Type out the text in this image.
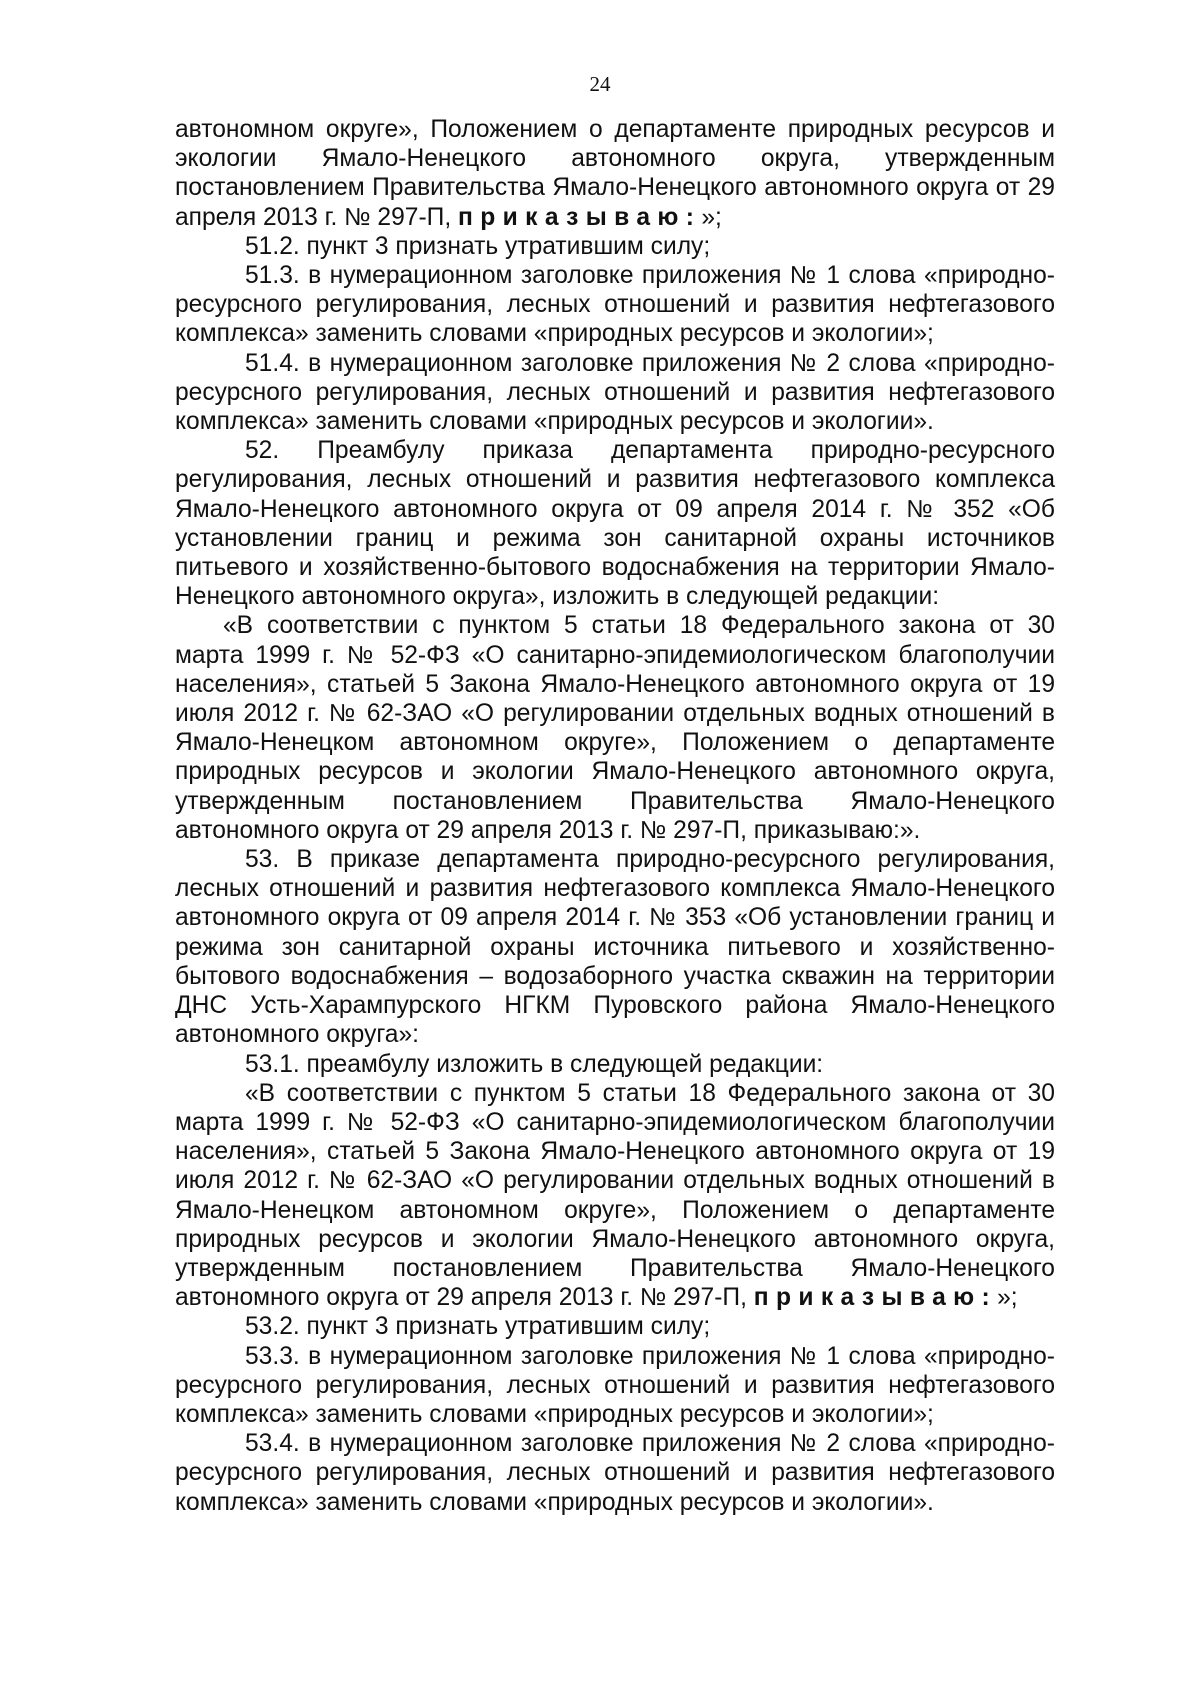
24

автономном округе», Положением о департаменте природных ресурсов и экологии Ямало-Ненецкого автономного округа, утвержденным постановлением Правительства Ямало-Ненецкого автономного округа от 29 апреля 2013 г. № 297-П, приказываю:»;

51.2. пункт 3 признать утратившим силу;

51.3. в нумерационном заголовке приложения № 1 слова «природно-ресурсного регулирования, лесных отношений и развития нефтегазового комплекса» заменить словами «природных ресурсов и экологии»;

51.4. в нумерационном заголовке приложения № 2 слова «природно-ресурсного регулирования, лесных отношений и развития нефтегазового комплекса» заменить словами «природных ресурсов и экологии».

52. Преамбулу приказа департамента природно-ресурсного регулирования, лесных отношений и развития нефтегазового комплекса Ямало-Ненецкого автономного округа от 09 апреля 2014 г. № 352 «Об установлении границ и режима зон санитарной охраны источников питьевого и хозяйственно-бытового водоснабжения на территории Ямало-Ненецкого автономного округа», изложить в следующей редакции:

«В соответствии с пунктом 5 статьи 18 Федерального закона от 30 марта 1999 г. № 52-ФЗ «О санитарно-эпидемиологическом благополучии населения», статьей 5 Закона Ямало-Ненецкого автономного округа от 19 июля 2012 г. № 62-ЗАО «О регулировании отдельных водных отношений в Ямало-Ненецком автономном округе», Положением о департаменте природных ресурсов и экологии Ямало-Ненецкого автономного округа, утвержденным постановлением Правительства Ямало-Ненецкого автономного округа от 29 апреля 2013 г. № 297-П, приказываю:».

53. В приказе департамента природно-ресурсного регулирования, лесных отношений и развития нефтегазового комплекса Ямало-Ненецкого автономного округа от 09 апреля 2014 г. № 353 «Об установлении границ и режима зон санитарной охраны источника питьевого и хозяйственно-бытового водоснабжения – водозаборного участка скважин на территории ДНС Усть-Харампурского НГКМ Пуровского района Ямало-Ненецкого автономного округа»:

53.1. преамбулу изложить в следующей редакции:

«В соответствии с пунктом 5 статьи 18 Федерального закона от 30 марта 1999 г. № 52-ФЗ «О санитарно-эпидемиологическом благополучии населения», статьей 5 Закона Ямало-Ненецкого автономного округа от 19 июля 2012 г. № 62-ЗАО «О регулировании отдельных водных отношений в Ямало-Ненецком автономном округе», Положением о департаменте природных ресурсов и экологии Ямало-Ненецкого автономного округа, утвержденным постановлением Правительства Ямало-Ненецкого автономного округа от 29 апреля 2013 г. № 297-П, приказываю:»;

53.2. пункт 3 признать утратившим силу;

53.3. в нумерационном заголовке приложения № 1 слова «природно-ресурсного регулирования, лесных отношений и развития нефтегазового комплекса» заменить словами «природных ресурсов и экологии»;

53.4. в нумерационном заголовке приложения № 2 слова «природно-ресурсного регулирования, лесных отношений и развития нефтегазового комплекса» заменить словами «природных ресурсов и экологии».
